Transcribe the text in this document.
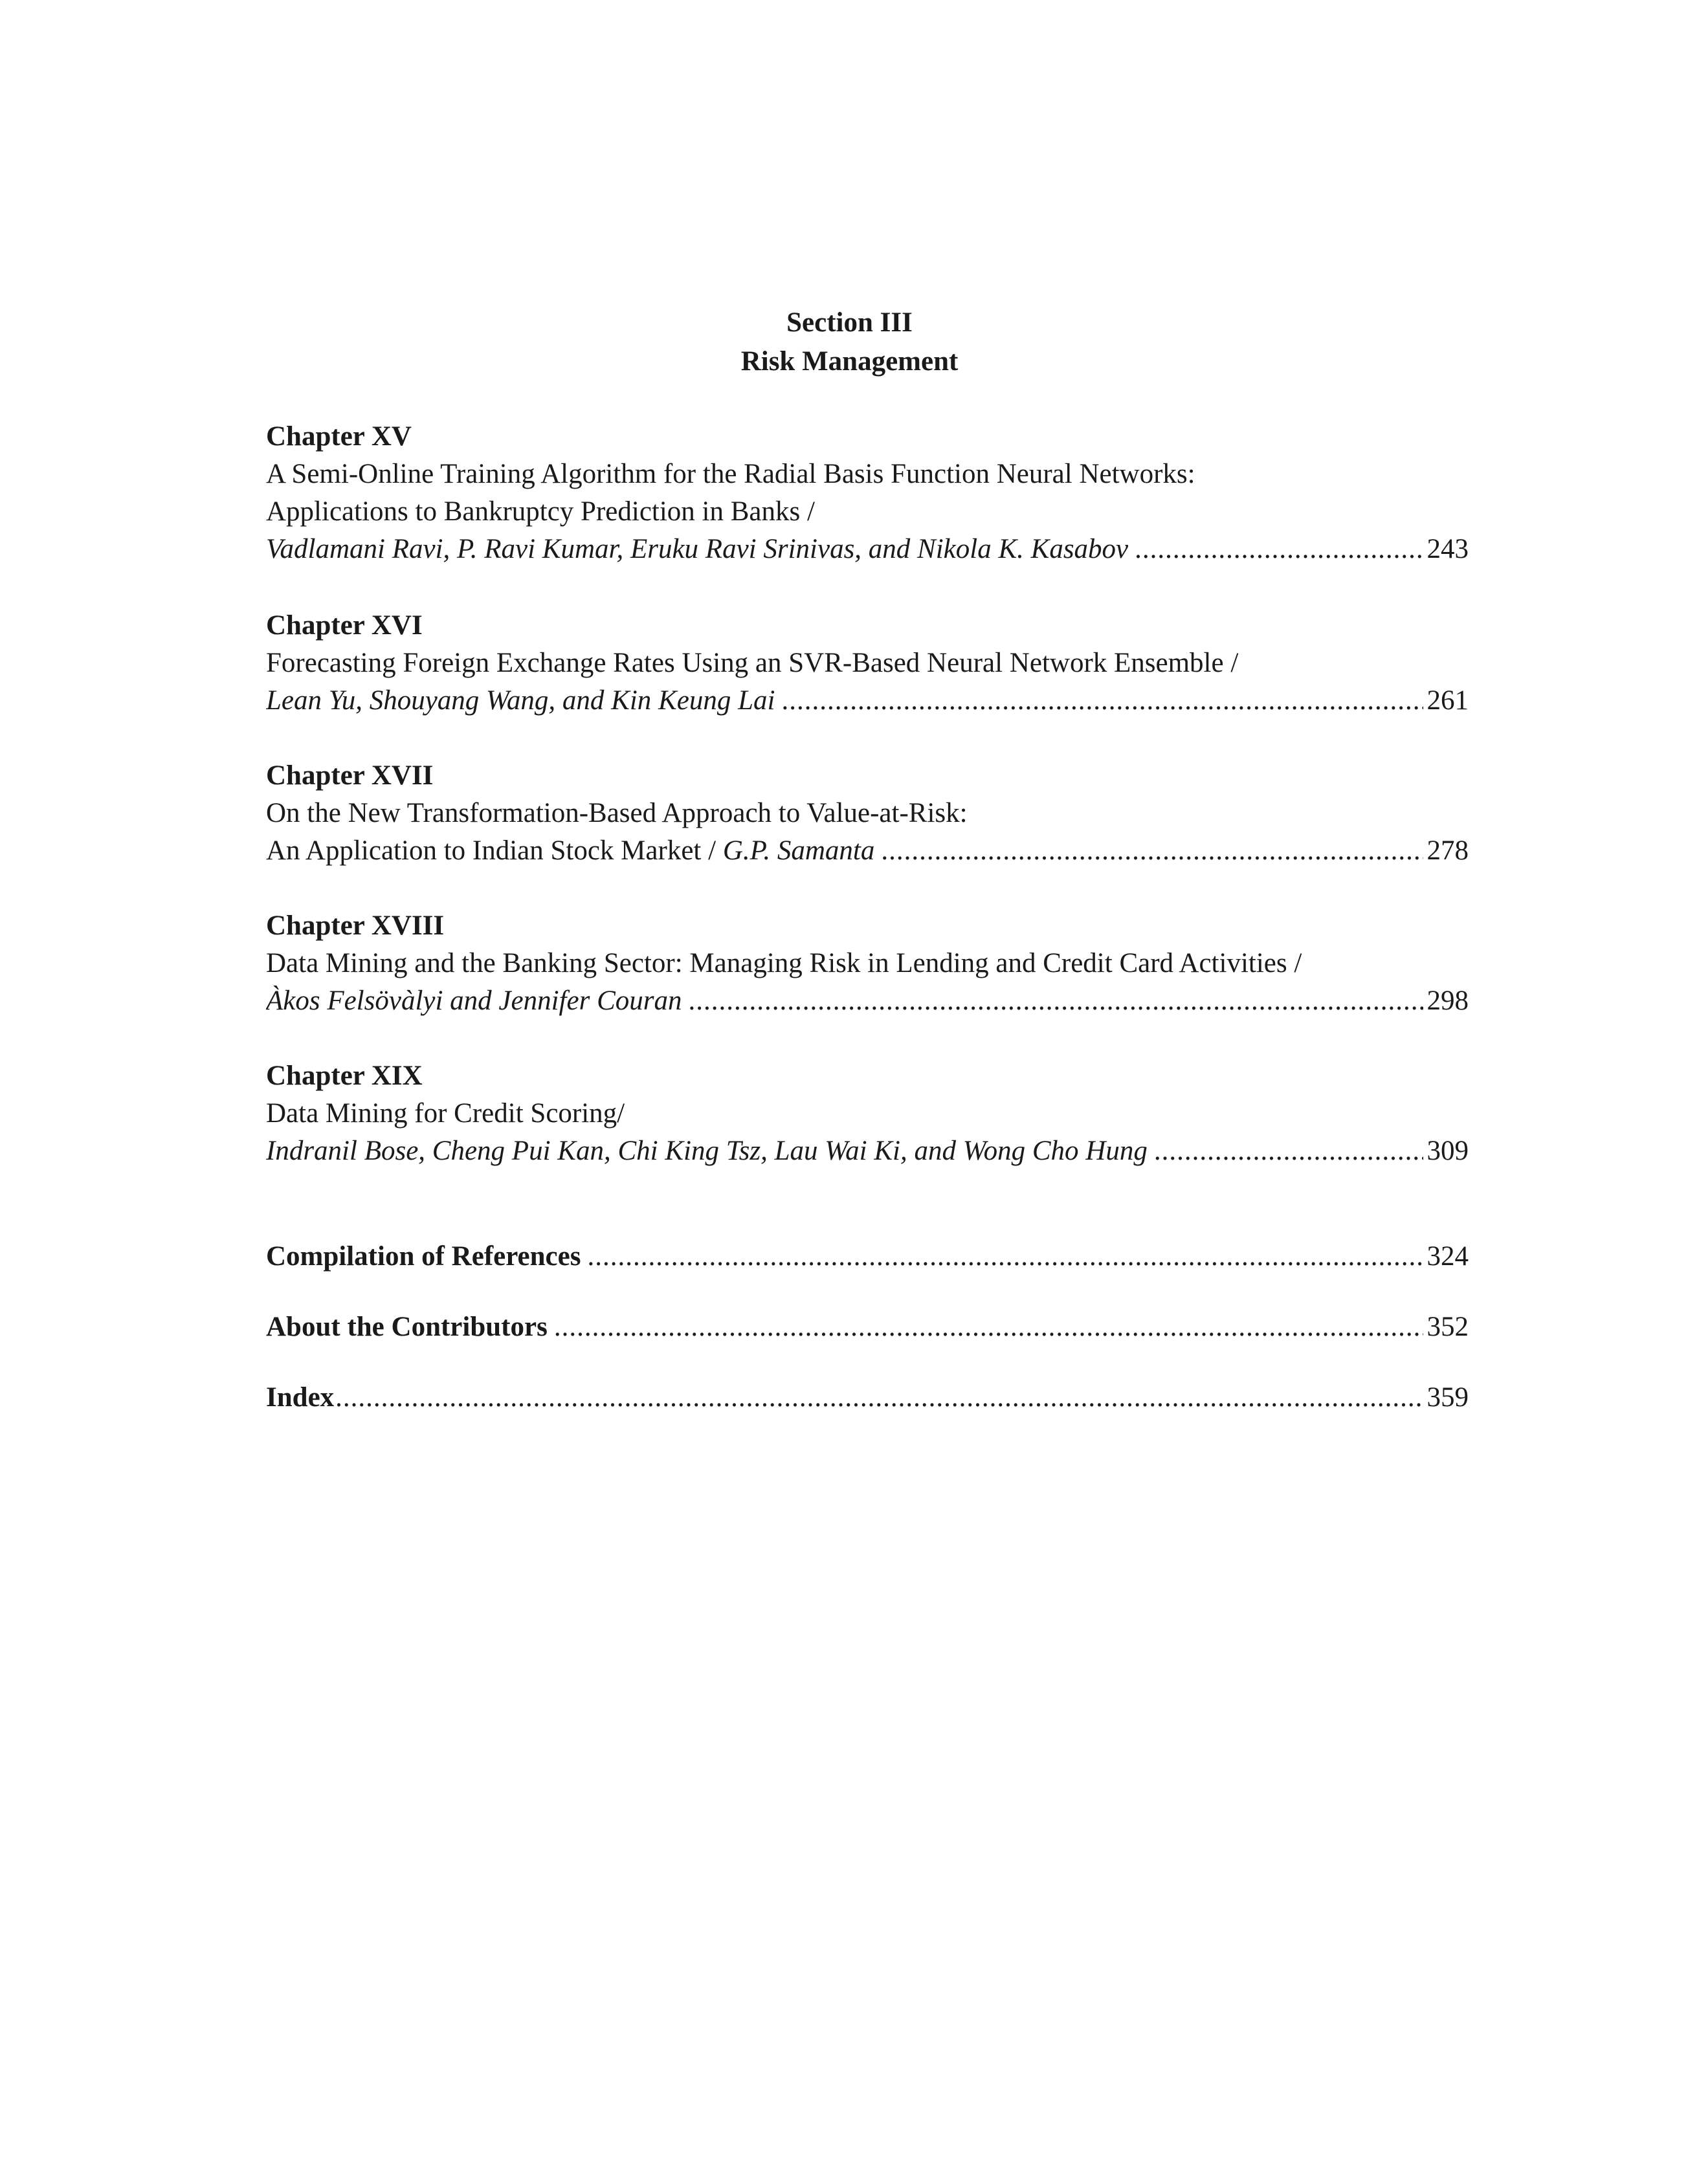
Section III
Risk Management
Chapter XV
A Semi-Online Training Algorithm for the Radial Basis Function Neural Networks:
Applications to Bankruptcy Prediction in Banks /
Vadlamani Ravi, P. Ravi Kumar, Eruku Ravi Srinivas, and Nikola K. Kasabov .....	243
Chapter XVI
Forecasting Foreign Exchange Rates Using an SVR-Based Neural Network Ensemble /
Lean Yu, Shouyang Wang, and Kin Keung Lai .....	261
Chapter XVII
On the New Transformation-Based Approach to Value-at-Risk:
An Application to Indian Stock Market / G.P. Samanta .....	278
Chapter XVIII
Data Mining and the Banking Sector: Managing Risk in Lending and Credit Card Activities /
Àkos Felsövàlyi and Jennifer Couran .....	298
Chapter XIX
Data Mining for Credit Scoring/
Indranil Bose, Cheng Pui Kan, Chi King Tsz, Lau Wai Ki, and Wong Cho Hung .....	309
Compilation of References .....	324
About the Contributors .....	352
Index .....	359
